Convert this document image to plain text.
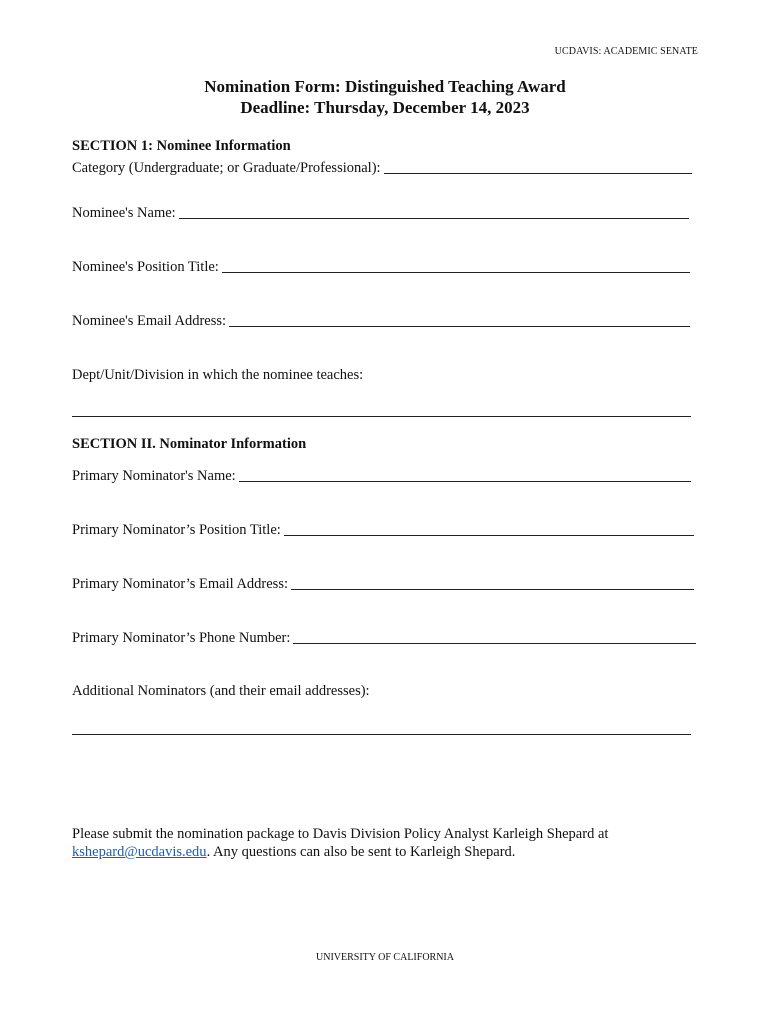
UCDAVIS: ACADEMIC SENATE
Nomination Form: Distinguished Teaching Award
Deadline: Thursday, December 14, 2023
SECTION 1: Nominee Information
Category (Undergraduate; or Graduate/Professional):
Nominee's Name:
Nominee's Position Title:
Nominee's Email Address:
Dept/Unit/Division in which the nominee teaches:
SECTION II. Nominator Information
Primary Nominator's Name:
Primary Nominator’s Position Title:
Primary Nominator’s Email Address:
Primary Nominator’s Phone Number:
Additional Nominators (and their email addresses):
Please submit the nomination package to Davis Division Policy Analyst Karleigh Shepard at
kshepard@ucdavis.edu. Any questions can also be sent to Karleigh Shepard.
UNIVERSITY OF CALIFORNIA
